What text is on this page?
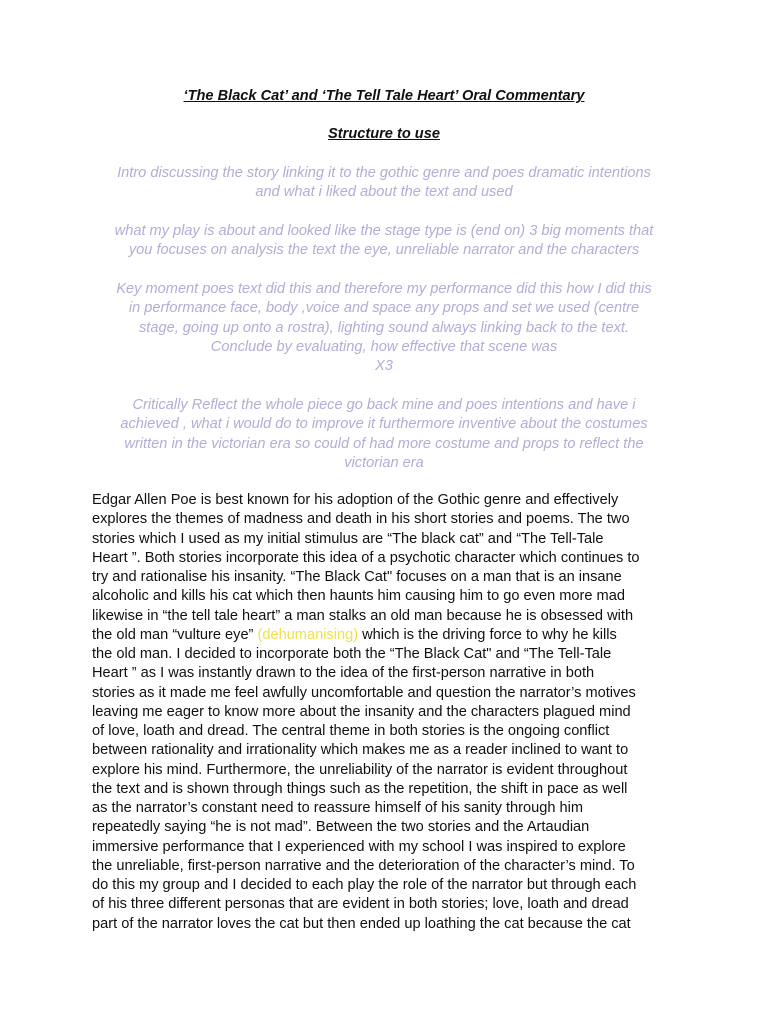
‘The Black Cat’ and ‘The Tell Tale Heart’ Oral Commentary
Structure to use
Intro discussing the story linking it to the gothic genre and poes dramatic intentions
and what i liked about the text and used
what my play is about and looked like the stage type is (end on) 3 big moments that
you focuses on analysis the text the eye, unreliable narrator and the characters
Key moment poes text did this and therefore my performance did this how I did this
in performance face, body ,voice and space any props and set we used (centre
stage, going up onto a rostra), lighting sound always linking back to the text.
Conclude by evaluating, how effective that scene was
X3
Critically Reflect the whole piece go back mine and poes intentions and have i
achieved , what i would do to improve it furthermore inventive about the costumes
written in the victorian era so could of had more costume and props to reflect the
victorian era
Edgar Allen Poe is best known for his adoption of the Gothic genre and effectively
explores the themes of madness and death in his short stories and poems. The two
stories which I used as my initial stimulus are “The black cat” and “The Tell-Tale
Heart ”. Both stories incorporate this idea of a psychotic character which continues to
try and rationalise his insanity. “The Black Cat" focuses on a man that is an insane
alcoholic and kills his cat which then haunts him causing him to go even more mad
likewise in “the tell tale heart” a man stalks an old man because he is obsessed with
the old man “vulture eye” (dehumanising) which is the driving force to why he kills
the old man. I decided to incorporate both the “The Black Cat" and “The Tell-Tale
Heart ” as I was instantly drawn to the idea of the first-person narrative in both
stories as it made me feel awfully uncomfortable and question the narrator’s motives
leaving me eager to know more about the insanity and the characters plagued mind
of love, loath and dread. The central theme in both stories is the ongoing conflict
between rationality and irrationality which makes me as a reader inclined to want to
explore his mind. Furthermore, the unreliability of the narrator is evident throughout
the text and is shown through things such as the repetition, the shift in pace as well
as the narrator’s constant need to reassure himself of his sanity through him
repeatedly saying “he is not mad”. Between the two stories and the Artaudian
immersive performance that I experienced with my school I was inspired to explore
the unreliable, first-person narrative and the deterioration of the character’s mind. To
do this my group and I decided to each play the role of the narrator but through each
of his three different personas that are evident in both stories; love, loath and dread
part of the narrator loves the cat but then ended up loathing the cat because the cat
